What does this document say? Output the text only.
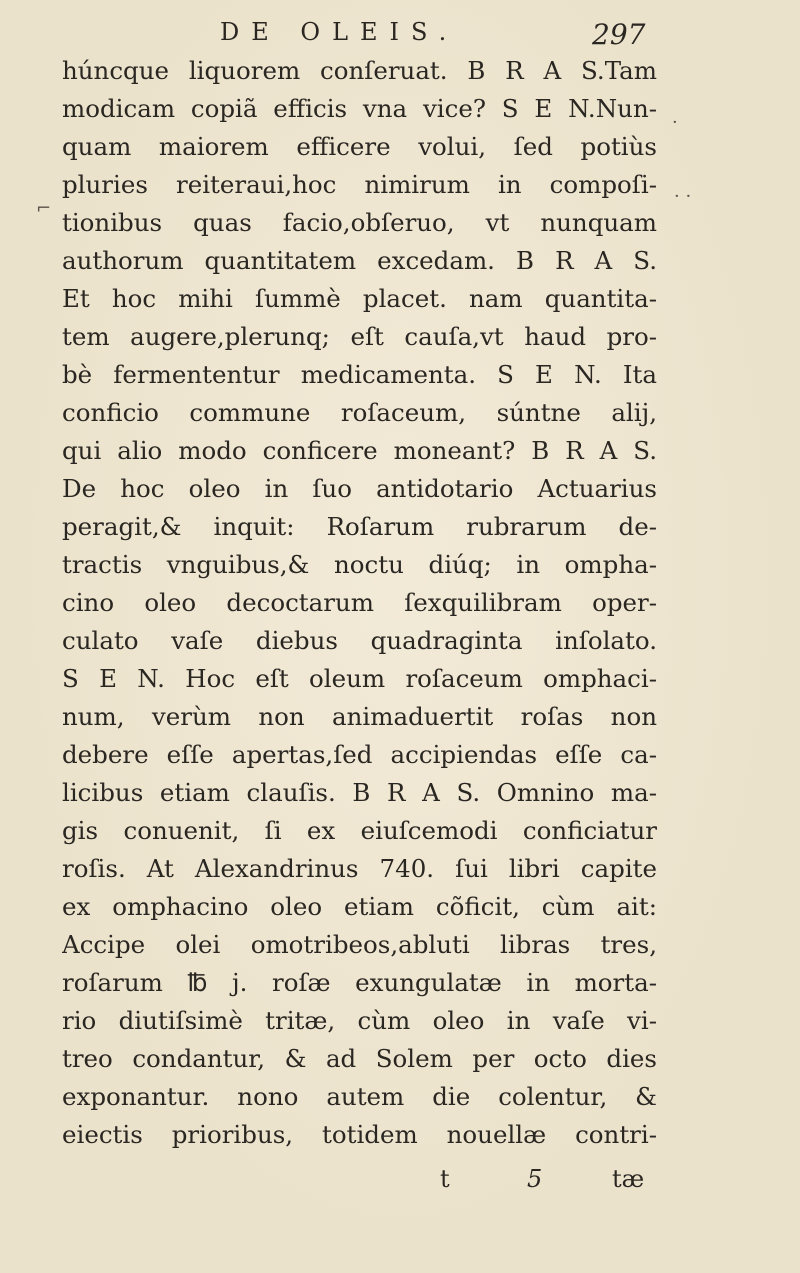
DE OLEIS.	297
húncque liquorem conſeruat. B R A S.Tam
modicam copiã efficis vna vice? S E N.Nun-
quam maiorem efficere volui, ſed potiùs
pluries reiteraui,hoc nimirum in compoſi-
tionibus quas facio,obſeruo, vt nunquam
authorum quantitatem excedam. B R A S.
Et hoc mihi ſummè placet. nam quantita-
tem augere,plerunq; eſt cauſa,vt haud pro-
bè fermententur medicamenta. S E N. Ita
conficio commune roſaceum, súntne alij,
qui alio modo conficere moneant? B R A S.
De hoc oleo in ſuo antidotario Actuarius
peragit,& inquit: Roſarum rubrarum de-
tractis vnguibus,& noctu diúq; in ompha-
cino oleo decoctarum ſexquilibram oper-
culato vaſe diebus quadraginta inſolato.
S E N. Hoc eſt oleum roſaceum omphaci-
num, verùm non animaduertit roſas non
debere eſſe apertas,ſed accipiendas eſſe ca-
licibus etiam clauſis. B R A S. Omnino ma-
gis conuenit, ſi ex eiuſcemodi conficiatur
roſis. At Alexandrinus 740. ſui libri capite
ex omphacino oleo etiam cõficit, cùm ait:
Accipe olei omotribeos,abluti libras tres,
roſarum ℔ j. roſæ exungulatæ in morta-
rio diutiſsimè tritæ, cùm oleo in vaſe vi-
treo condantur, & ad Solem per octo dies
exponantur. nono autem die colentur, &
eiectis prioribus, totidem nouellæ contri-
t	5	tæ
·
⌐
· ·
